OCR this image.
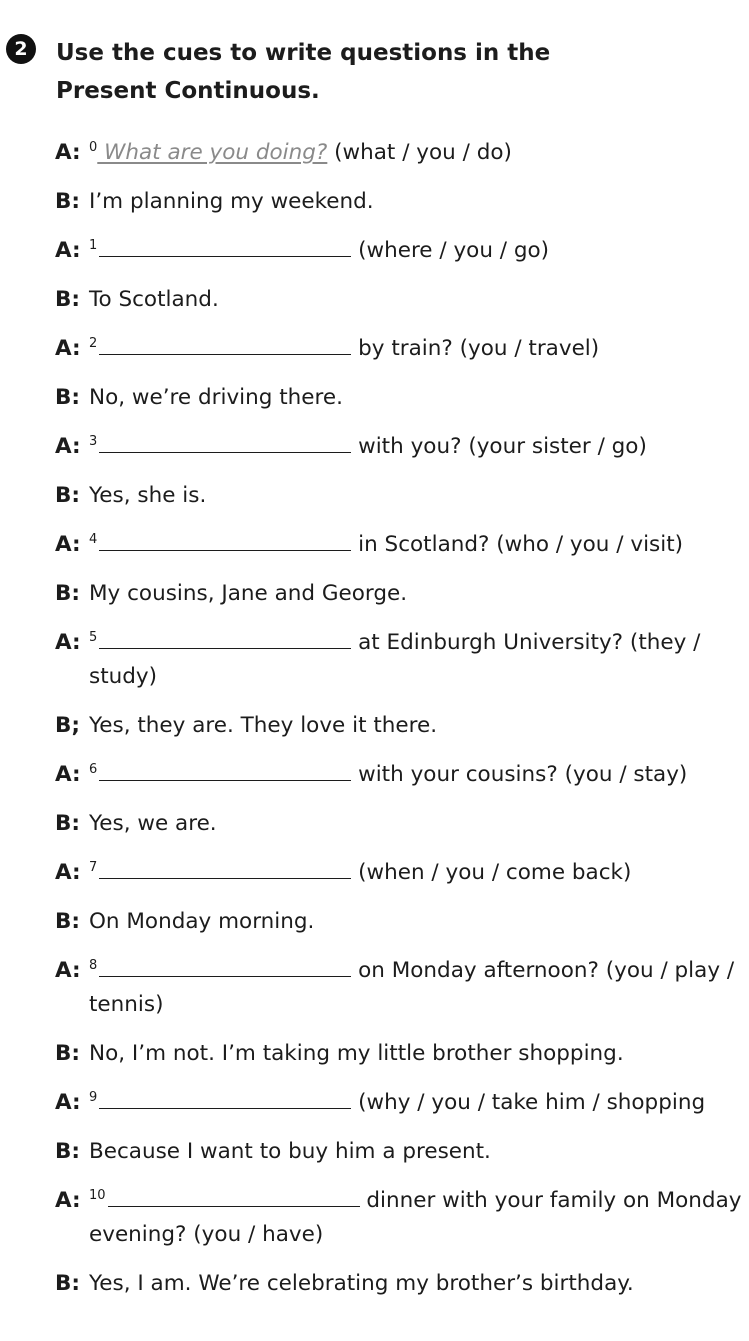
2	Use the cues to write questions in the
Present Continuous.
A: $^0$ What are you doing? (what / you / do)
B: I’m planning my weekend.
A: $^1$	(where / you / go)
B: To Scotland.
A: $^2$	by train? (you / travel)
B: No, we’re driving there.
A: $^3$	with you? (your sister / go)
B: Yes, she is.
A: $^4$	in Scotland? (who / you / visit)
B: My cousins, Jane and George.
A: $^5$	at Edinburgh University? (they / study)
B; Yes, they are. They love it there.
A: $^6$	with your cousins? (you / stay)
B: Yes, we are.
A: $^7$	(when / you / come back)
B: On Monday morning.
A: $^8$	on Monday afternoon? (you / play / tennis)
B: No, I’m not. I’m taking my little brother shopping.
A: $^9$	(why / you / take him / shopping
B: Because I want to buy him a present.
A: $^{10}$	dinner with your family on Monday evening? (you / have)
B: Yes, I am. We’re celebrating my brother’s birthday.
